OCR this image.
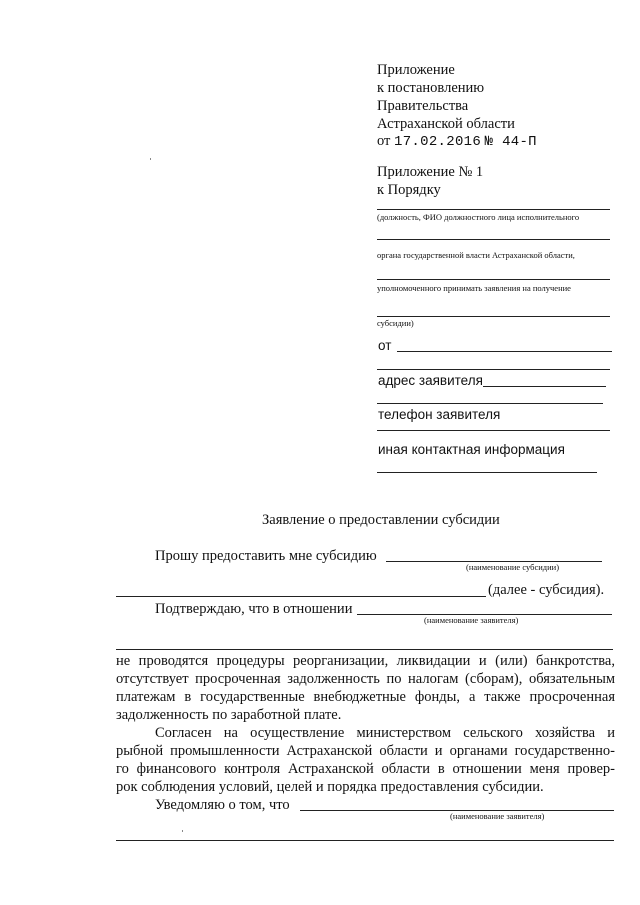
Приложение
к постановлению
Правительства
Астраханской области
от 17.02.2016 № 44-П
Приложение № 1
к Порядку
(должность, ФИО должностного лица исполнительного
органа государственной власти Астраханской области,
уполномоченного принимать заявления на получение
субсидии)
от
адрес заявителя
телефон заявителя
иная контактная информация
Заявление о предоставлении субсидии
Прошу предоставить мне субсидию
(наименование субсидии)
(далее - субсидия).
Подтверждаю, что в отношении
(наименование заявителя)
не проводятся процедуры реорганизации, ликвидации и (или) банкротства,
отсутствует просроченная задолженность по налогам (сборам), обязательным
платежам в государственные внебюджетные фонды, а также просроченная
задолженность по заработной плате.
Согласен на осуществление министерством сельского хозяйства и
рыбной промышленности Астраханской области и органами государственно-
го финансового контроля Астраханской области в отношении меня провер-
рок соблюдения условий, целей и порядка предоставления субсидии.
Уведомляю о том, что
(наименование заявителя)
